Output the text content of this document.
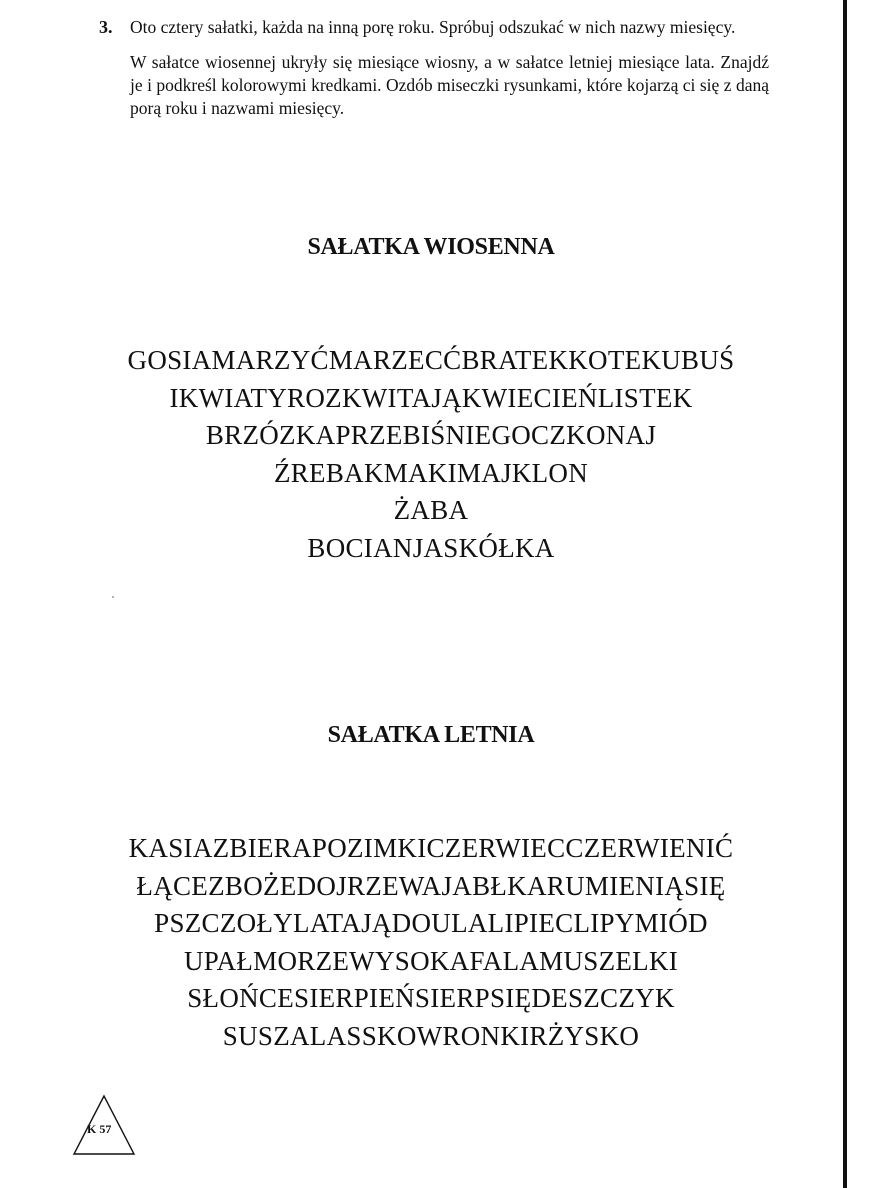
3. Oto cztery sałatki, każda na inną porę roku. Spróbuj odszukać w nich nazwy miesięcy.

W sałatce wiosennej ukryły się miesiące wiosny, a w sałatce letniej miesiące lata. Znajdź je i podkreśl kolorowymi kredkami. Ozdób miseczki rysunkami, które kojarzą ci się z daną porą roku i nazwami miesięcy.

SAŁATKA WIOSENNA
GOSIAMARZYĆMARZECĆBRATEKKOTEKUBUŚ
IKWIATYROZKWITAJĄKWIECIEŃLISTEK
BRZÓZKAPRZEBIŚNIEGOCZKONAJ
ŹREBAKMAKIMAJKLON
ŻABA
BOCIANJASKÓŁKA
SAŁATKA LETNIA
KASIAZBIERAPOZIMKICZERWIECCZERWIENIĆ
ŁĄCEZBOŻEDOJRZEWAJABŁKARUMIENIĄSIĘ
PSZCZOŁYLATAJĄDOULALIPIECLIPYMIÓD
UPAŁMORZEWYSOKAFALAMUSZELKI
SŁOŃCESIERPIEŃSIERPSIĘDESZCZYK
SUSZALASSKOWRONKIRŻYSKO
K 57
